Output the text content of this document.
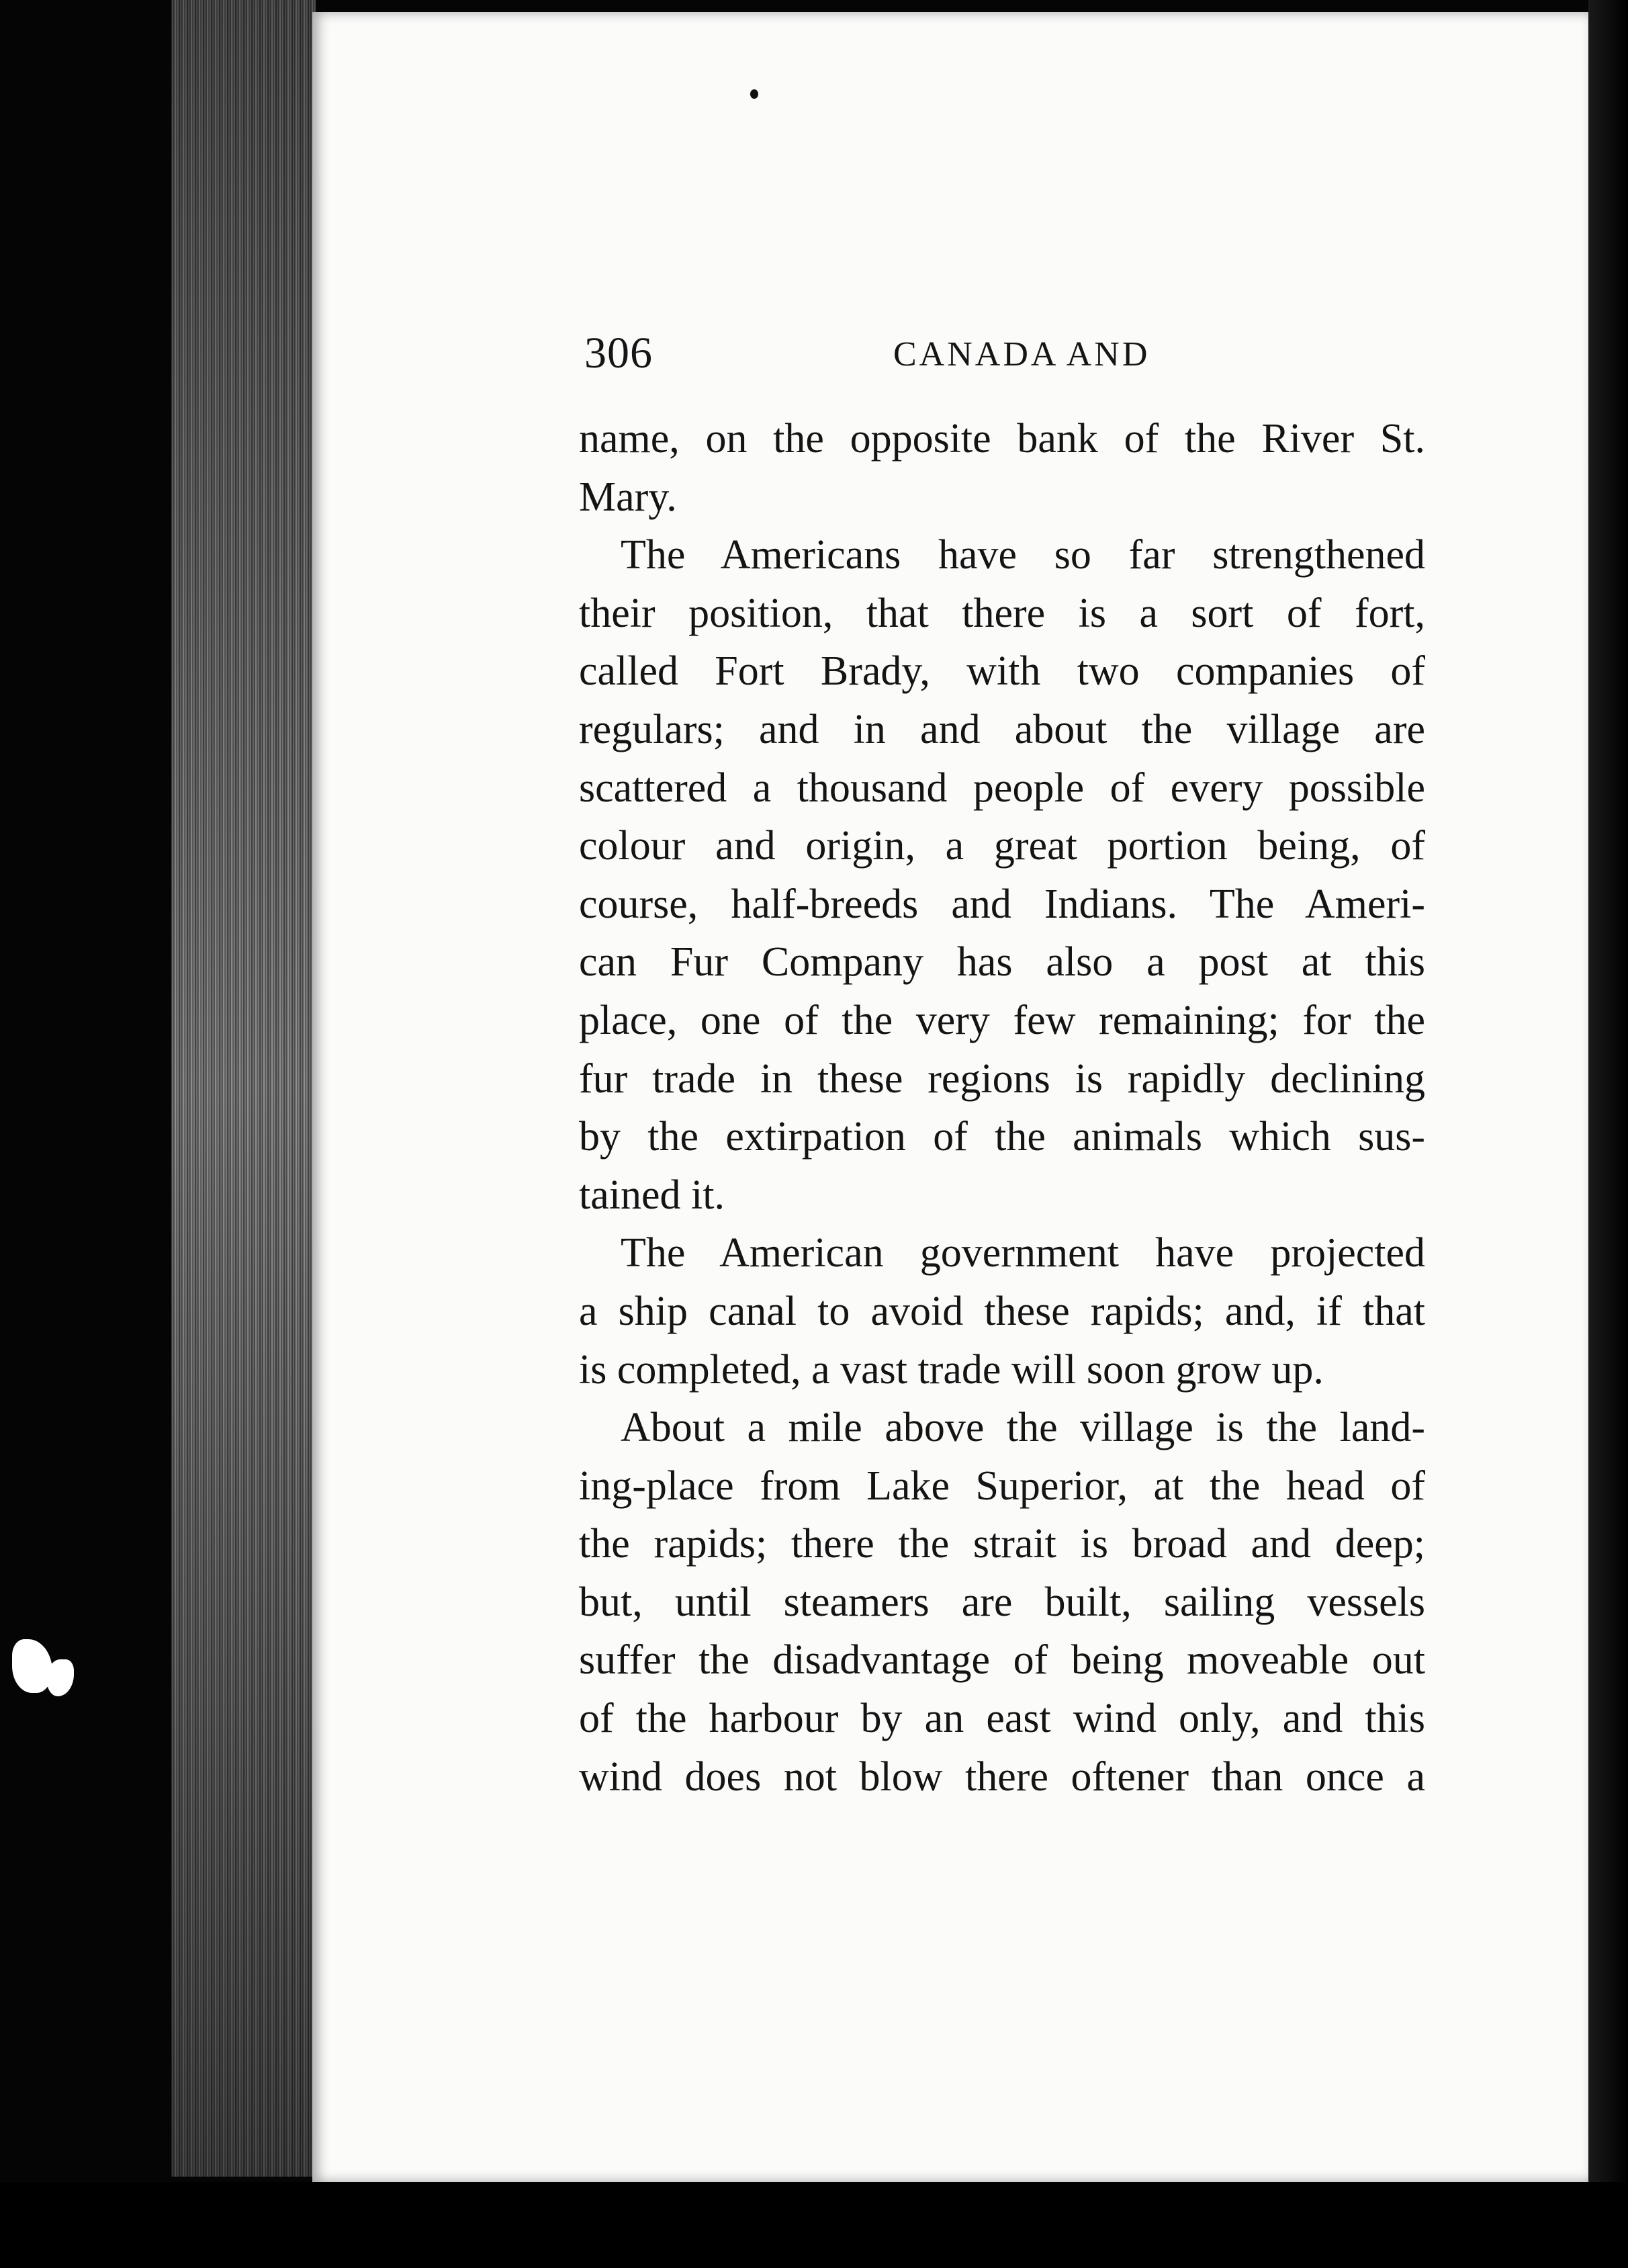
306	CANADA AND
name, on the opposite bank of the River St.
Mary.
The Americans have so far strengthened
their position, that there is a sort of fort,
called Fort Brady, with two companies of
regulars; and in and about the village are
scattered a thousand people of every possible
colour and origin, a great portion being, of
course, half-breeds and Indians. The Ameri-
can Fur Company has also a post at this
place, one of the very few remaining; for the
fur trade in these regions is rapidly declining
by the extirpation of the animals which sus-
tained it.
The American government have projected
a ship canal to avoid these rapids; and, if that
is completed, a vast trade will soon grow up.
About a mile above the village is the land-
ing-place from Lake Superior, at the head of
the rapids; there the strait is broad and deep;
but, until steamers are built, sailing vessels
suffer the disadvantage of being moveable out
of the harbour by an east wind only, and this
wind does not blow there oftener than once a
